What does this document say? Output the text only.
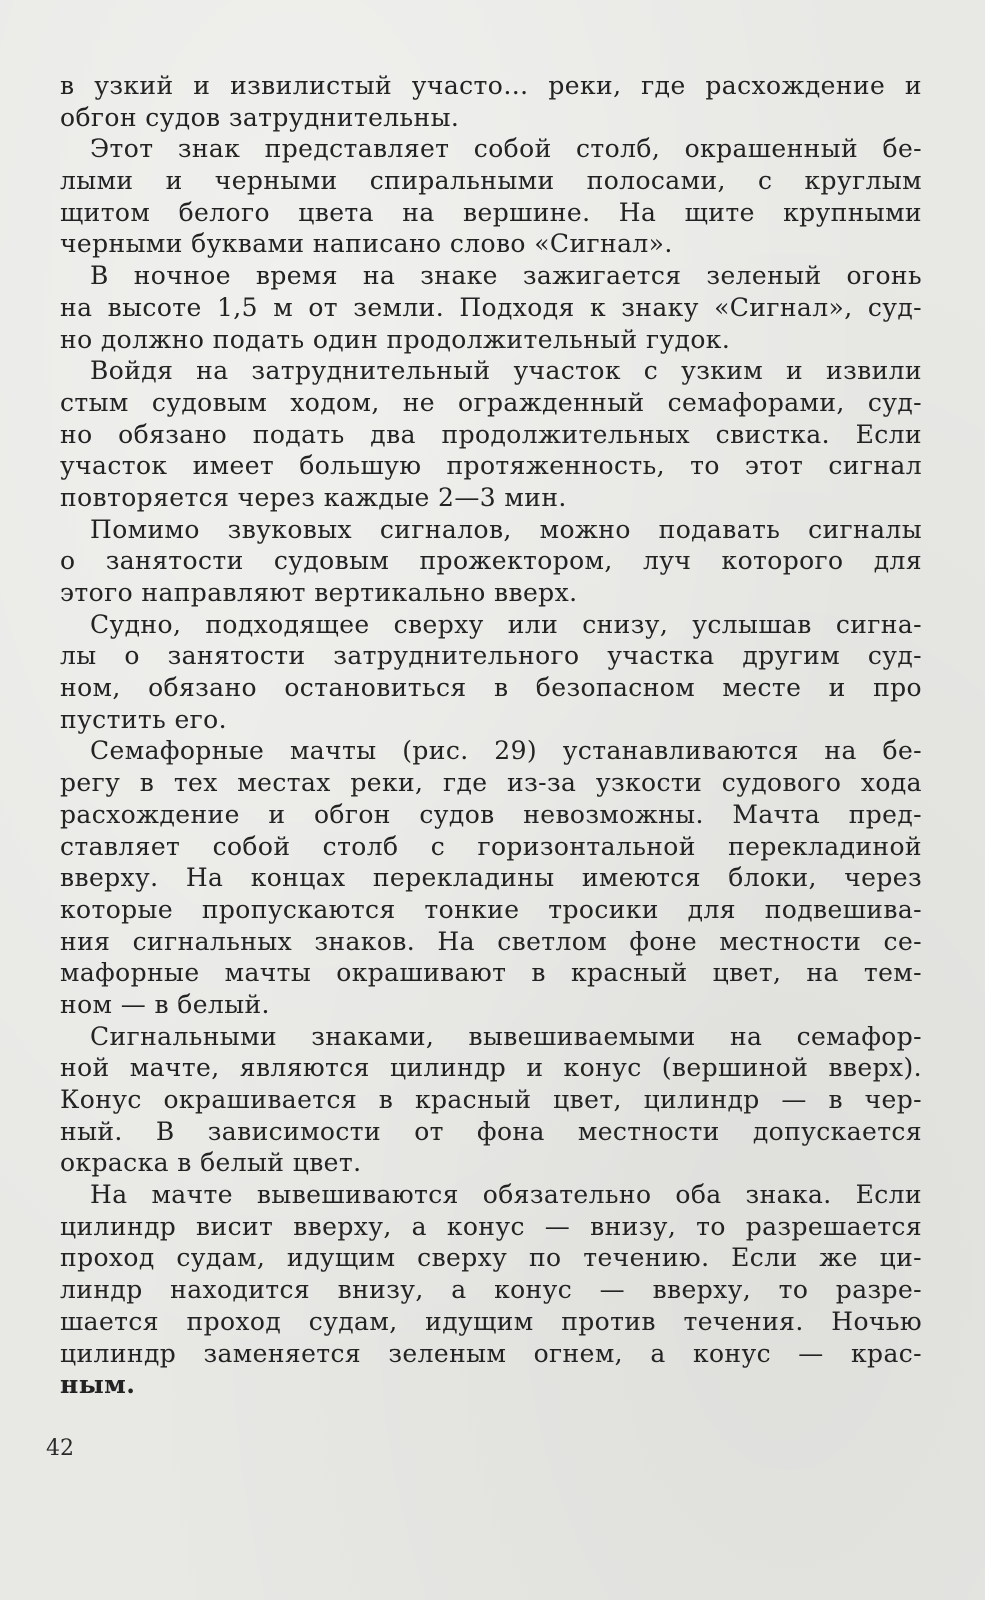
в узкий и извилистый участо… реки, где расхождение и
обгон судов затруднительны.
Этот знак представляет собой столб, окрашенный бе-
лыми и черными спиральными полосами, с круглым
щитом белого цвета на вершине. На щите крупными
черными буквами написано слово «Сигнал».
В ночное время на знаке зажигается зеленый огонь
на высоте 1,5 м от земли. Подходя к знаку «Сигнал», суд-
но должно подать один продолжительный гудок.
Войдя на затруднительный участок с узким и извили
стым судовым ходом, не огражденный семафорами, суд-
но обязано подать два продолжительных свистка. Если
участок имеет большую протяженность, то этот сигнал
повторяется через каждые 2—3 мин.
Помимо звуковых сигналов, можно подавать сигналы
о занятости судовым прожектором, луч которого для
этого направляют вертикально вверх.
Судно, подходящее сверху или снизу, услышав сигна-
лы о занятости затруднительного участка другим суд-
ном, обязано остановиться в безопасном месте и про
пустить его.
Семафорные мачты (рис. 29) устанавливаются на бе-
регу в тех местах реки, где из-за узкости судового хода
расхождение и обгон судов невозможны. Мачта пред-
ставляет собой столб с горизонтальной перекладиной
вверху. На концах перекладины имеются блоки, через
которые пропускаются тонкие тросики для подвешива-
ния сигнальных знаков. На светлом фоне местности се-
мафорные мачты окрашивают в красный цвет, на тем-
ном — в белый.
Сигнальными знаками, вывешиваемыми на семафор-
ной мачте, являются цилиндр и конус (вершиной вверх).
Конус окрашивается в красный цвет, цилиндр — в чер-
ный. В зависимости от фона местности допускается
окраска в белый цвет.
На мачте вывешиваются обязательно оба знака. Если
цилиндр висит вверху, а конус — внизу, то разрешается
проход судам, идущим сверху по течению. Если же ци-
линдр находится внизу, а конус — вверху, то разре-
шается проход судам, идущим против течения. Ночью
цилиндр заменяется зеленым огнем, а конус — крас-
ным.
42
